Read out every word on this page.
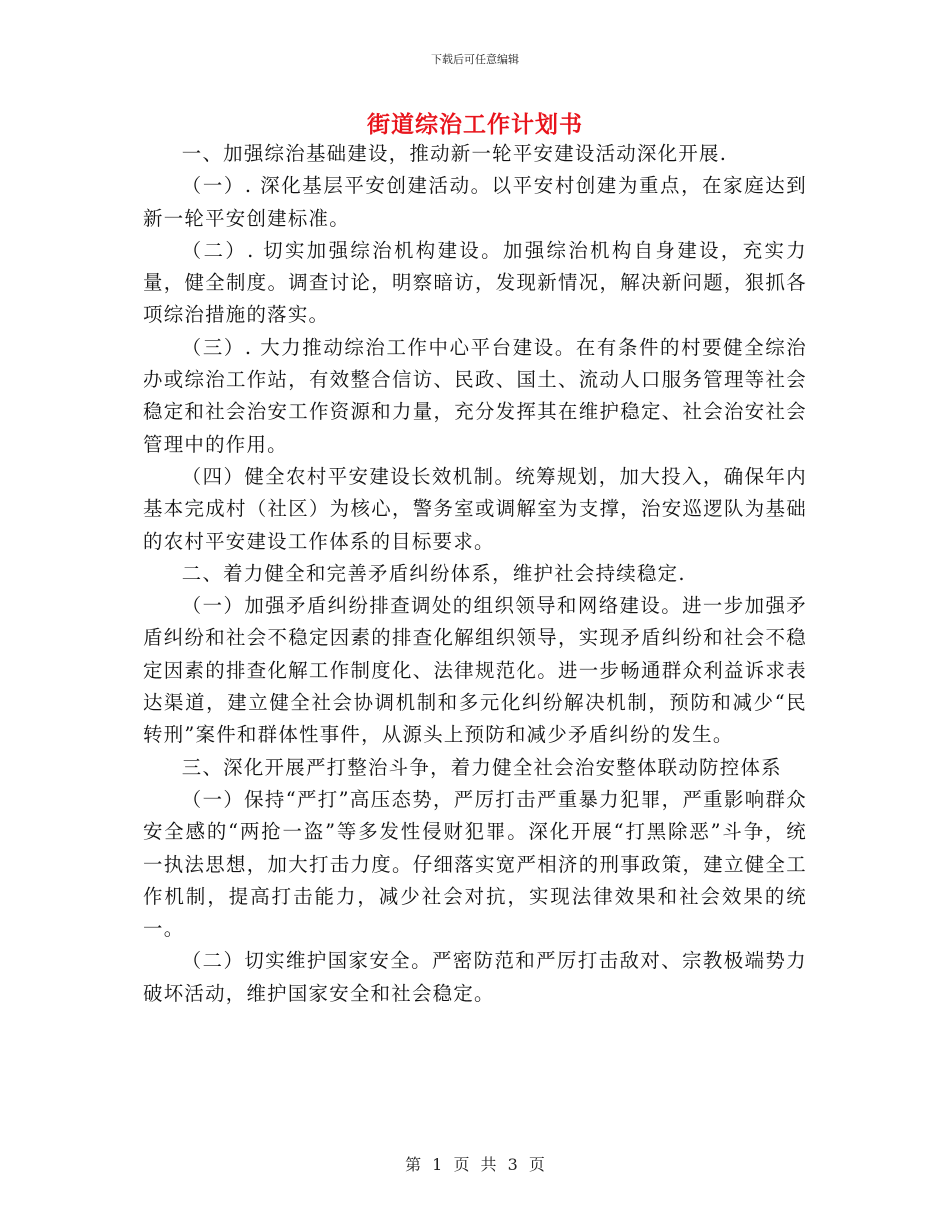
下载后可任意编辑
街道综治工作计划书

一、加强综治基础建设，推动新一轮平安建设活动深化开展.

（一）. 深化基层平安创建活动。以平安村创建为重点，在家庭达到新一轮平安创建标准。

（二）. 切实加强综治机构建设。加强综治机构自身建设，充实力量，健全制度。调查讨论，明察暗访，发现新情况，解决新问题，狠抓各项综治措施的落实。

（三）. 大力推动综治工作中心平台建设。在有条件的村要健全综治办或综治工作站，有效整合信访、民政、国土、流动人口服务管理等社会稳定和社会治安工作资源和力量，充分发挥其在维护稳定、社会治安社会管理中的作用。

（四）健全农村平安建设长效机制。统筹规划，加大投入，确保年内基本完成村（社区）为核心，警务室或调解室为支撑，治安巡逻队为基础的农村平安建设工作体系的目标要求。

二、着力健全和完善矛盾纠纷体系，维护社会持续稳定.

（一）加强矛盾纠纷排查调处的组织领导和网络建设。进一步加强矛盾纠纷和社会不稳定因素的排查化解组织领导，实现矛盾纠纷和社会不稳定因素的排查化解工作制度化、法律规范化。进一步畅通群众利益诉求表达渠道，建立健全社会协调机制和多元化纠纷解决机制，预防和减少“民转刑”案件和群体性事件，从源头上预防和减少矛盾纠纷的发生。

三、深化开展严打整治斗争，着力健全社会治安整体联动防控体系

（一）保持“严打”高压态势，严厉打击严重暴力犯罪，严重影响群众安全感的“两抢一盗”等多发性侵财犯罪。深化开展“打黑除恶”斗争，统一执法思想，加大打击力度。仔细落实宽严相济的刑事政策，建立健全工作机制，提高打击能力，减少社会对抗，实现法律效果和社会效果的统一。

（二）切实维护国家安全。严密防范和严厉打击敌对、宗教极端势力破坏活动，维护国家安全和社会稳定。

第 1 页 共 3 页
